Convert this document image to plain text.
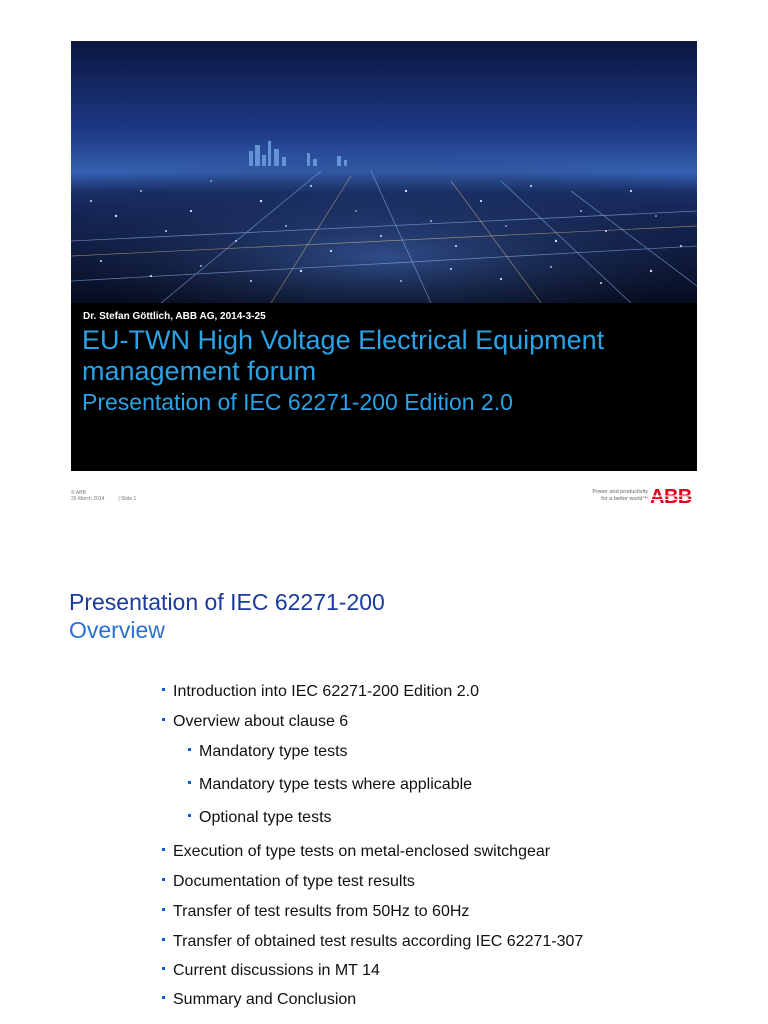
Dr. Stefan Göttlich, ABB AG, 2014-3-25
EU-TWN High Voltage Electrical Equipment management forum
Presentation of IEC 62271-200 Edition 2.0
© ABB
25 March 2014	| Slide 1
Power and productivity
for a better world™ ABB
Presentation of IEC 62271-200
Overview
Introduction into IEC 62271-200 Edition 2.0
Overview about clause 6
Mandatory type tests
Mandatory type tests where applicable
Optional type tests
Execution of type tests on metal-enclosed switchgear
Documentation of type test results
Transfer of test results from 50Hz to 60Hz
Transfer of obtained test results according IEC 62271-307
Current discussions in MT 14
Summary and Conclusion
